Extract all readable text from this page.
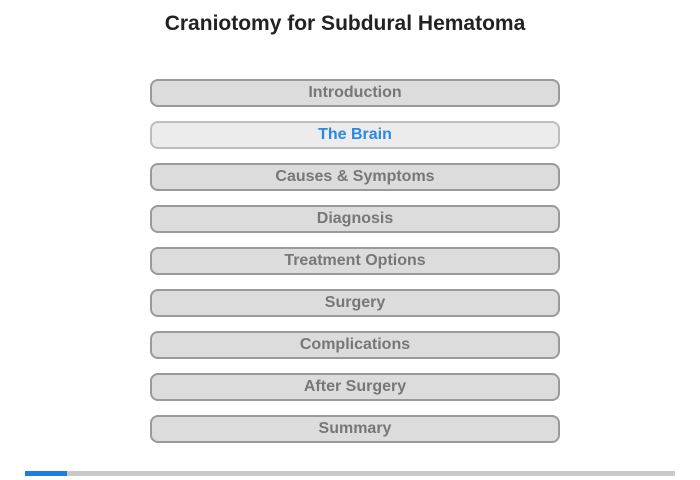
Craniotomy for Subdural Hematoma
Introduction
The Brain
Causes & Symptoms
Diagnosis
Treatment Options
Surgery
Complications
After Surgery
Summary
